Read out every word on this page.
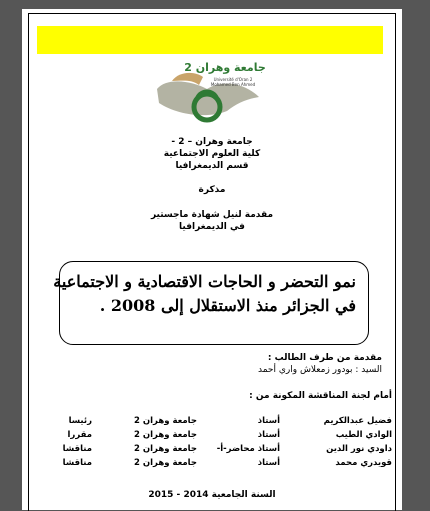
جامعة وهران 2
Université d'Oran 2
Mohamed Ben Ahmed
جامعة وهران – 2 -
كلية العلوم الاجتماعية
قسم الديمغرافيا
مذكرة
مقدمة لنيل شهادة ماجستير
في الديمغرافيا
نمو التحضر و الحاجات الاقتصادية و الاجتماعية
في الجزائر منذ الاستقلال إلى 2008 .
مقدمة من طرف الطالب :
السيد : بودور زمعلاش واري أحمد
أمام لجنة المناقشة المكونة من :
فضيل عبدالكريم
أستاذ
جامعة وهران 2
رئيسا
الوادي الطيب
أستاذ
جامعة وهران 2
مقررا
داودي نور الدين
أستاذ محاضر-أ-
جامعة وهران 2
مناقشا
قويدري محمد
أستاذ
جامعة وهران 2
مناقشا
السنة الجامعية 2014 - 2015
